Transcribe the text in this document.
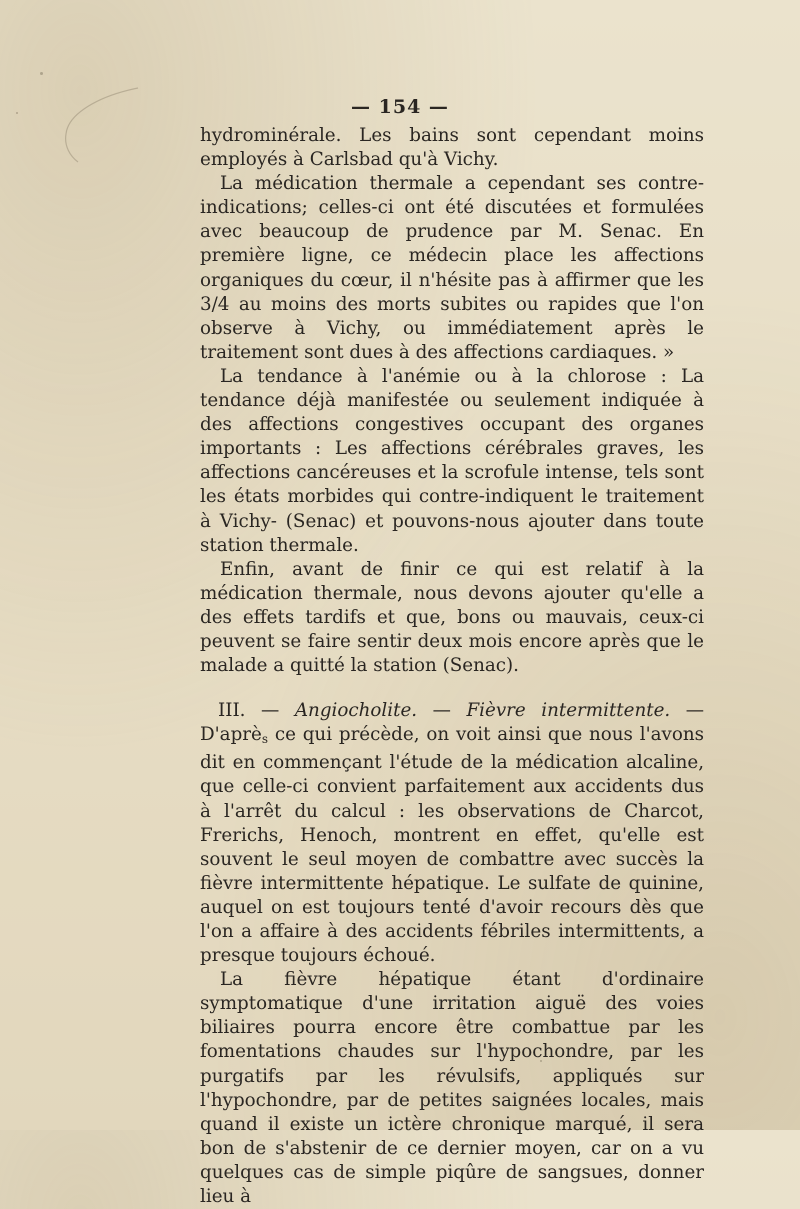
— 154 —

hydrominérale. Les bains sont cependant moins employés à Carlsbad qu'à Vichy.

La médication thermale a cependant ses contre-indications; celles-ci ont été discutées et formulées avec beaucoup de prudence par M. Senac. En première ligne, ce médecin place les affections organiques du cœur, il n'hésite pas à affirmer que les 3/4 au moins des morts subites ou rapides que l'on observe à Vichy, ou immédiatement après le traitement sont dues à des affections cardiaques. »

La tendance à l'anémie ou à la chlorose : La tendance déjà manifestée ou seulement indiquée à des affections congestives occupant des organes importants : Les affections cérébrales graves, les affections cancéreuses et la scrofule intense, tels sont les états morbides qui contre-indiquent le traitement à Vichy- (Senac) et pouvons-nous ajouter dans toute station thermale.

Enfin, avant de finir ce qui est relatif à la médication thermale, nous devons ajouter qu'elle a des effets tardifs et que, bons ou mauvais, ceux-ci peuvent se faire sentir deux mois encore après que le malade a quitté la station (Senac).

III. — Angiocholite. — Fièvre intermittente. — D'après ce qui précède, on voit ainsi que nous l'avons dit en commençant l'étude de la médication alcaline, que celle-ci convient parfaitement aux accidents dus à l'arrêt du calcul : les observations de Charcot, Frerichs, Henoch, montrent en effet, qu'elle est souvent le seul moyen de combattre avec succès la fièvre intermittente hépatique. Le sulfate de quinine, auquel on est toujours tenté d'avoir recours dès que l'on a affaire à des accidents fébriles intermittents, a presque toujours échoué.

La fièvre hépatique étant d'ordinaire symptomatique d'une irritation aiguë des voies biliaires pourra encore être combattue par les fomentations chaudes sur l'hypochondre, par les purgatifs par les révulsifs, appliqués sur l'hypochondre, par de petites saignées locales, mais quand il existe un ictère chronique marqué, il sera bon de s'abstenir de ce dernier moyen, car on a vu quelques cas de simple piqûre de sangsues, donner lieu à
